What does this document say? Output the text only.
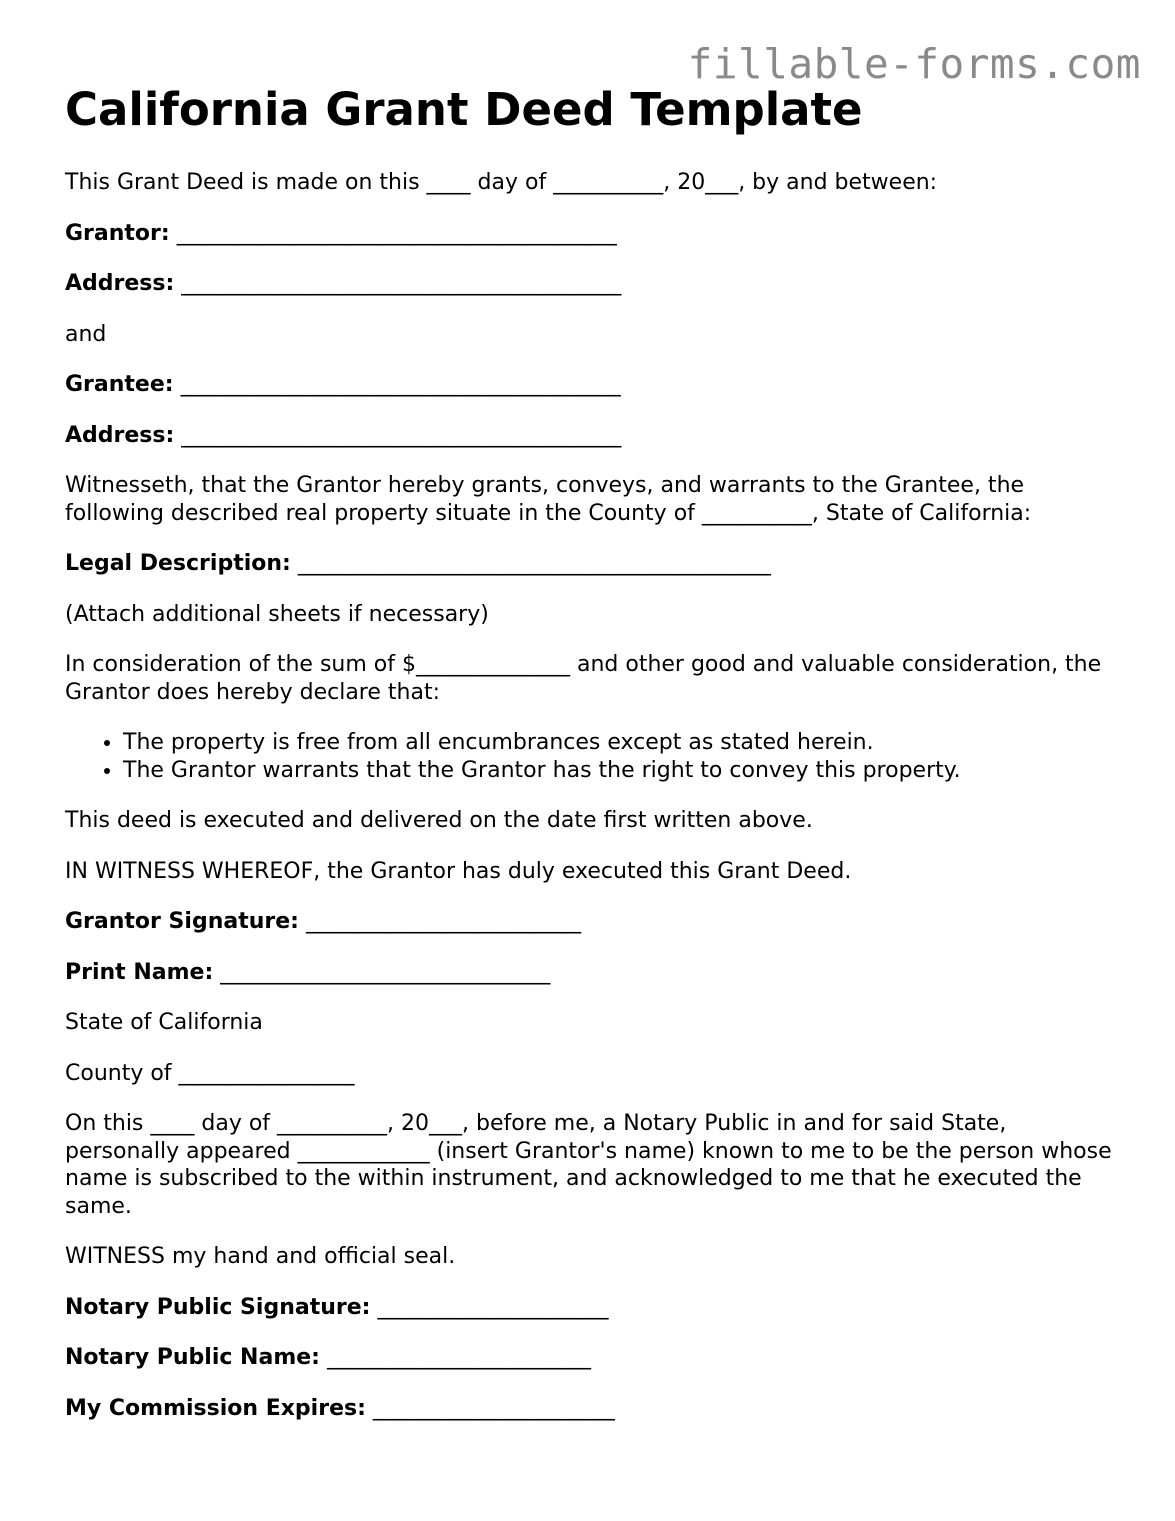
fillable-forms.com
California Grant Deed Template

This Grant Deed is made on this ____ day of __________, 20___, by and between:

Grantor: ________________________________________

Address: ________________________________________

and

Grantee: ________________________________________

Address: ________________________________________

Witnesseth, that the Grantor hereby grants, conveys, and warrants to the Grantee, the following described real property situate in the County of __________, State of California:

Legal Description: ___________________________________________

(Attach additional sheets if necessary)

In consideration of the sum of $______________ and other good and valuable consideration, the Grantor does hereby declare that:

• The property is free from all encumbrances except as stated herein.
• The Grantor warrants that the Grantor has the right to convey this property.

This deed is executed and delivered on the date first written above.

IN WITNESS WHEREOF, the Grantor has duly executed this Grant Deed.

Grantor Signature: _________________________

Print Name: ______________________________

State of California

County of ________________

On this ____ day of __________, 20___, before me, a Notary Public in and for said State, personally appeared ____________ (insert Grantor's name) known to me to be the person whose name is subscribed to the within instrument, and acknowledged to me that he executed the same.

WITNESS my hand and official seal.

Notary Public Signature: _____________________

Notary Public Name: ________________________

My Commission Expires: ______________________
